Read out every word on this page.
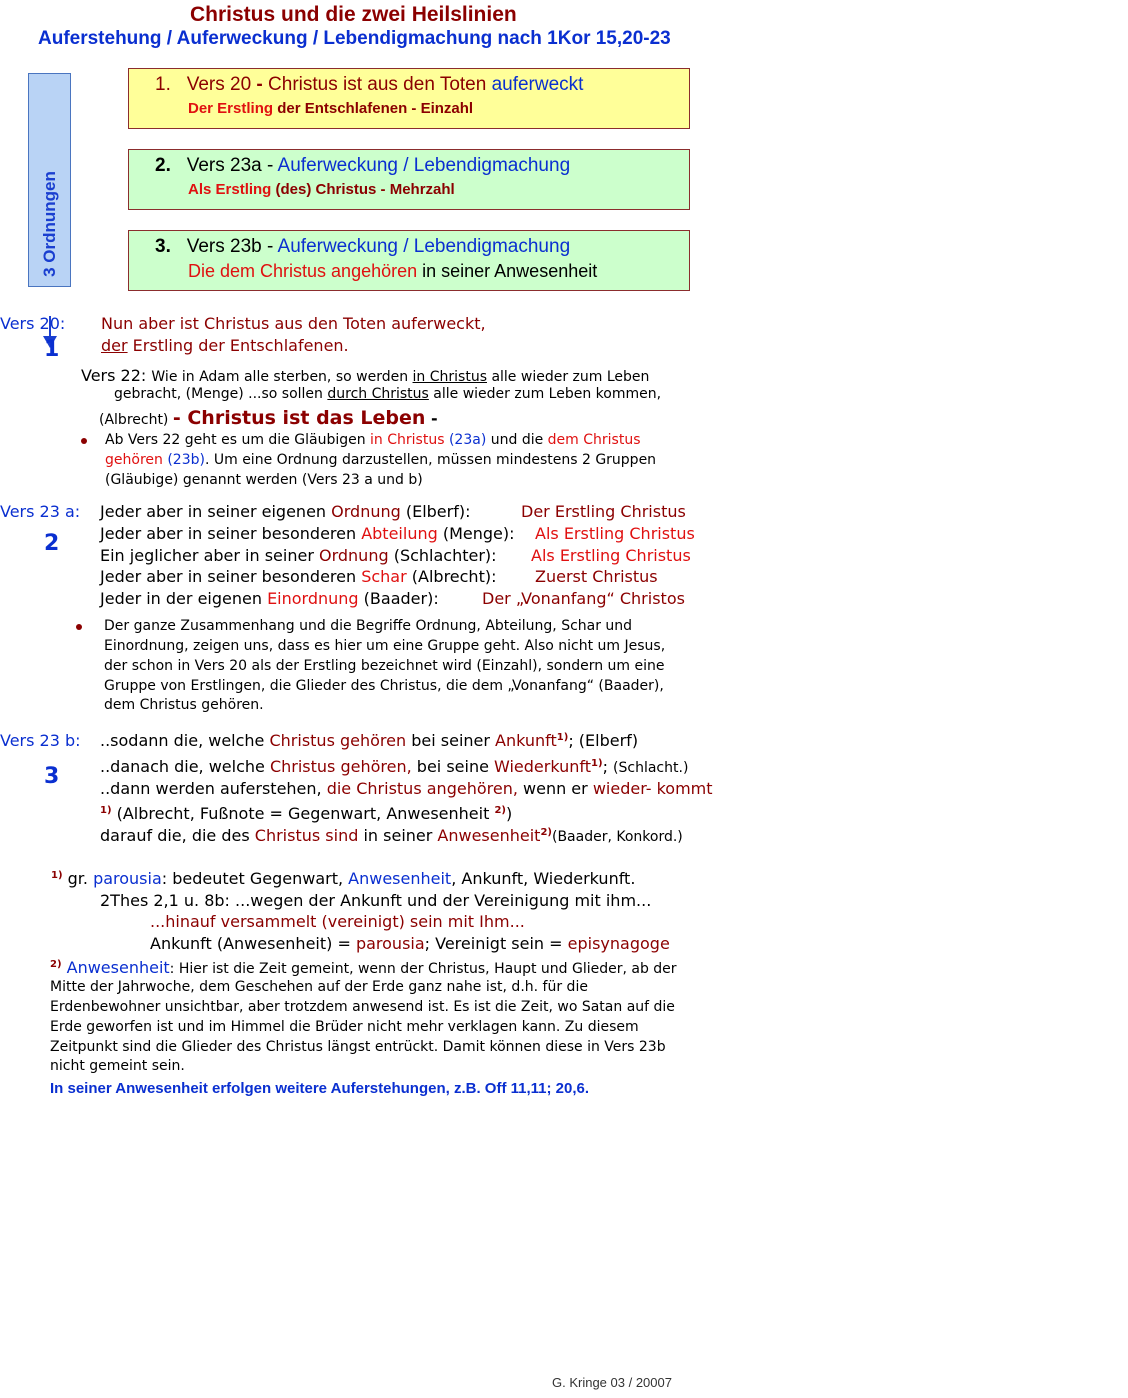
Christus und die zwei Heilslinien
Auferstehung / Auferweckung / Lebendigmachung nach 1Kor 15,20-23
3 Ordnungen
1. Vers 20 - Christus ist aus den Toten auferweckt
Der Erstling der Entschlafenen - Einzahl
2. Vers 23a - Auferweckung / Lebendigmachung
Als Erstling (des) Christus - Mehrzahl
3. Vers 23b - Auferweckung / Lebendigmachung
Die dem Christus angehören in seiner Anwesenheit
Vers 20:
1
Nun aber ist Christus aus den Toten auferweckt,
der Erstling der Entschlafenen.
Vers 22: Wie in Adam alle sterben, so werden in Christus alle wieder zum Leben
gebracht, (Menge) ...so sollen durch Christus alle wieder zum Leben kommen,
(Albrecht) - Christus ist das Leben -
Ab Vers 22 geht es um die Gläubigen in Christus (23a) und die dem Christus
gehören (23b). Um eine Ordnung darzustellen, müssen mindestens 2 Gruppen
(Gläubige) genannt werden (Vers 23 a und b)
Vers 23 a:
2
Jeder aber in seiner eigenen Ordnung (Elberf):	Der Erstling Christus
Jeder aber in seiner besonderen Abteilung (Menge): Als Erstling Christus
Ein jeglicher aber in seiner Ordnung (Schlachter): Als Erstling Christus
Jeder aber in seiner besonderen Schar (Albrecht): Zuerst Christus
Jeder in der eigenen Einordnung (Baader):	Der „Vonanfang“ Christos
Der ganze Zusammenhang und die Begriffe Ordnung, Abteilung, Schar und
Einordnung, zeigen uns, dass es hier um eine Gruppe geht. Also nicht um Jesus,
der schon in Vers 20 als der Erstling bezeichnet wird (Einzahl), sondern um eine
Gruppe von Erstlingen, die Glieder des Christus, die dem „Vonanfang“ (Baader),
dem Christus gehören.
Vers 23 b:
3
..sodann die, welche Christus gehören bei seiner Ankunft$^{1)}$; (Elberf)
..danach die, welche Christus gehören, bei seine Wiederkunft$^{1)}$; (Schlacht.)
..dann werden auferstehen, die Christus angehören, wenn er wieder- kommt
$^{1)}$ (Albrecht, Fußnote = Gegenwart, Anwesenheit $^{2)}$)
darauf die, die des Christus sind in seiner Anwesenheit$^{2)}$(Baader, Konkord.)
$^{1)}$ gr. parousia: bedeutet Gegenwart, Anwesenheit, Ankunft, Wiederkunft.
2Thes 2,1 u. 8b: ...wegen der Ankunft und der Vereinigung mit ihm...
...hinauf versammelt (vereinigt) sein mit Ihm...
Ankunft (Anwesenheit) = parousia; Vereinigt sein = episynagoge
$^{2)}$ Anwesenheit: Hier ist die Zeit gemeint, wenn der Christus, Haupt und Glieder, ab der
Mitte der Jahrwoche, dem Geschehen auf der Erde ganz nahe ist, d.h. für die
Erdenbewohner unsichtbar, aber trotzdem anwesend ist. Es ist die Zeit, wo Satan auf die
Erde geworfen ist und im Himmel die Brüder nicht mehr verklagen kann. Zu diesem
Zeitpunkt sind die Glieder des Christus längst entrückt. Damit können diese in Vers 23b
nicht gemeint sein.
In seiner Anwesenheit erfolgen weitere Auferstehungen, z.B. Off 11,11; 20,6.
G. Kringe 03 / 20007
